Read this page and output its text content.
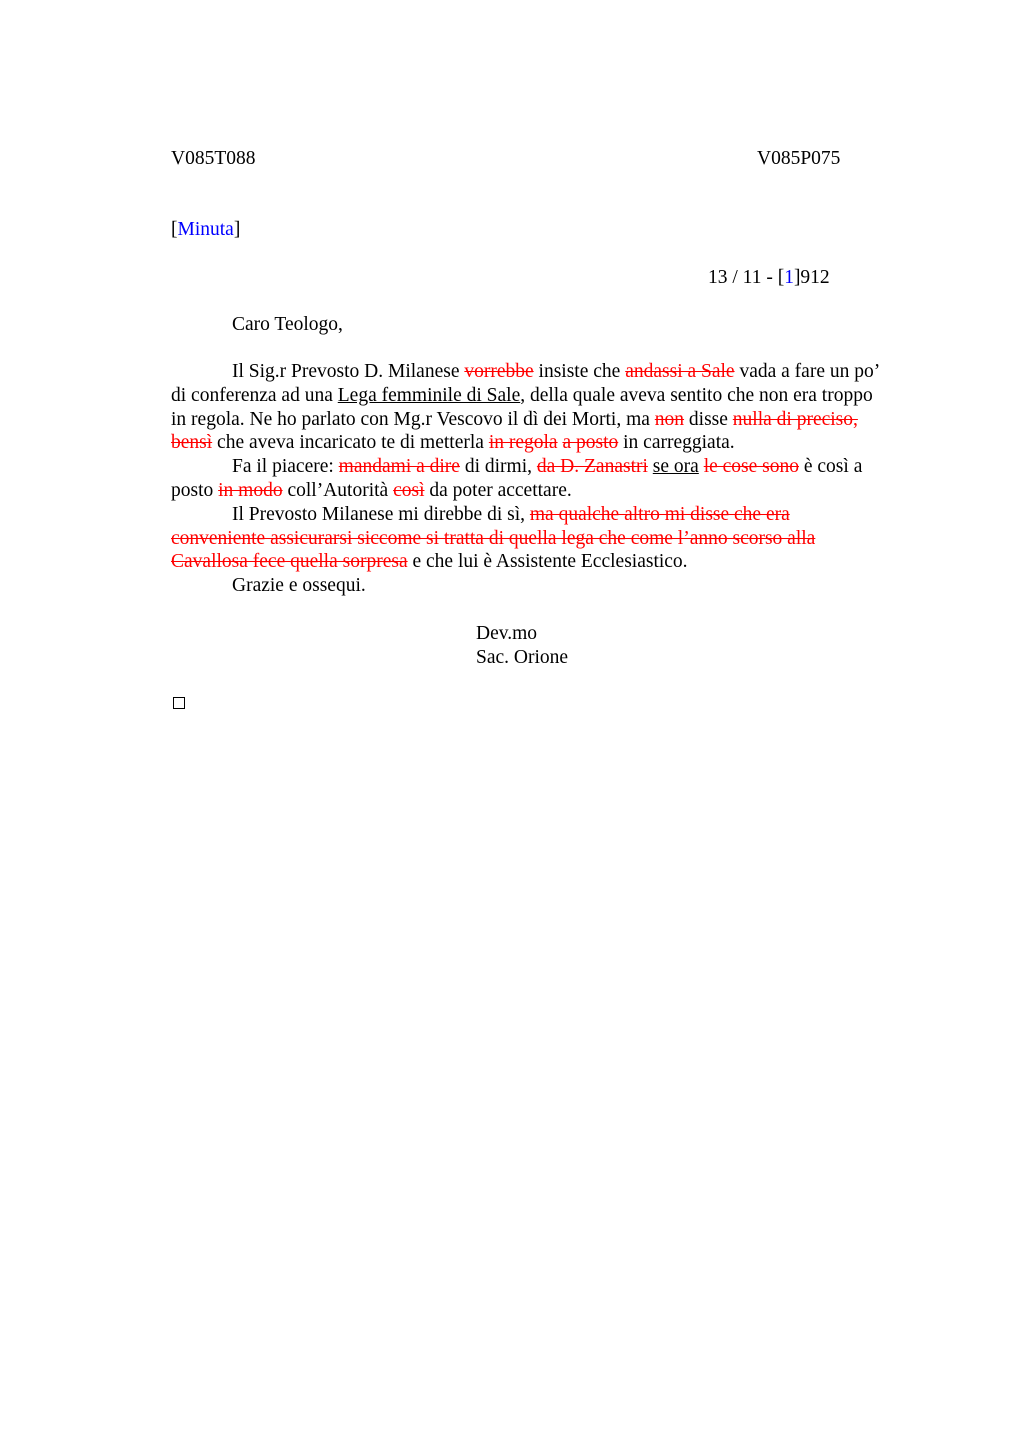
V085T088	V085P075
[Minuta]
13 / 11 - [1]912
Caro Teologo,
Il Sig.r Prevosto D. Milanese vorrebbe insiste che andassi a Sale vada a fare un po’
di conferenza ad una Lega femminile di Sale, della quale aveva sentito che non era troppo
in regola. Ne ho parlato con Mg.r Vescovo il dì dei Morti, ma non disse nulla di preciso,
bensì che aveva incaricato te di metterla in regola a posto in carreggiata.
Fa il piacere: mandami a dire di dirmi, da D. Zanastri se ora le cose sono è così a
posto in modo coll’Autorità così da poter accettare.
Il Prevosto Milanese mi direbbe di sì, ma qualche altro mi disse che era
conveniente assicurarsi siccome si tratta di quella lega che come l’anno scorso alla
Cavallosa fece quella sorpresa e che lui è Assistente Ecclesiastico.
Grazie e ossequi.
Dev.mo
Sac. Orione
